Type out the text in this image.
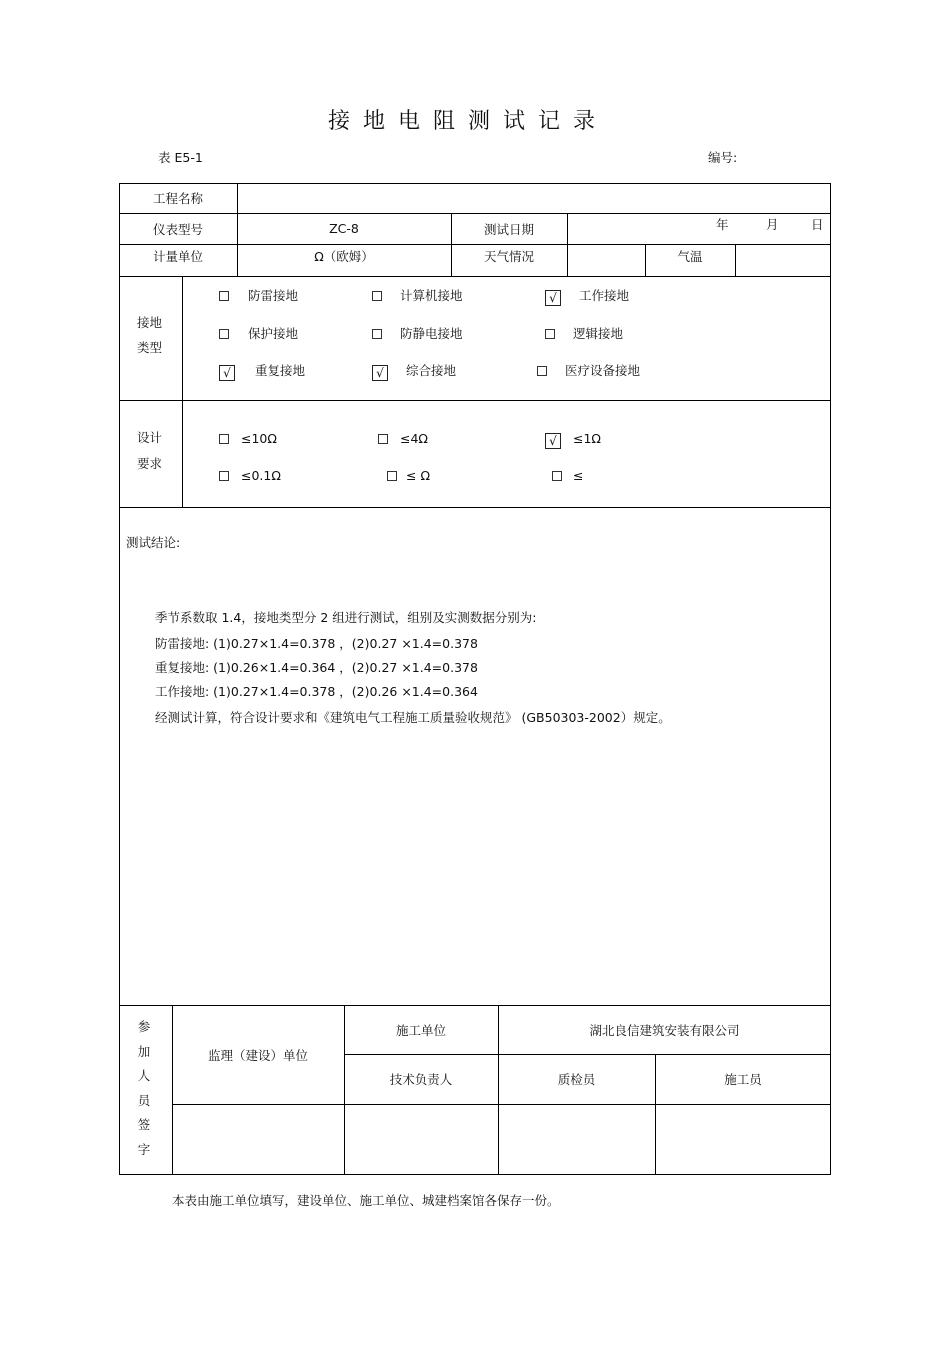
接地电阻测试记录
表 E5-1	编号:
工程名称
仪表型号	ZC-8	测试日期	年	月	日
计量单位	Ω（欧姆）	天气情况	气温
接地
类型
防雷接地	计算机接地	√	工作接地
保护接地	防静电接地	逻辑接地
√	重复接地	√	综合接地	医疗设备接地
设计
要求
≤10Ω	≤4Ω	√	≤1Ω
≤0.1Ω	≤ Ω	≤
测试结论:
季节系数取 1.4，接地类型分 2 组进行测试，组别及实测数据分别为:
防雷接地: (1)0.27×1.4=0.378 ，(2)0.27 ×1.4=0.378
重复接地: (1)0.26×1.4=0.364 ，(2)0.27 ×1.4=0.378
工作接地: (1)0.27×1.4=0.378 ，(2)0.26 ×1.4=0.364
经测试计算，符合设计要求和《建筑电气工程施工质量验收规范》 (GB50303-2002）规定。
参
加
人
员
签
字
监理（建设）单位
施工单位	湖北良信建筑安装有限公司
技术负责人	质检员	施工员
本表由施工单位填写，建设单位、施工单位、城建档案馆各保存一份。
